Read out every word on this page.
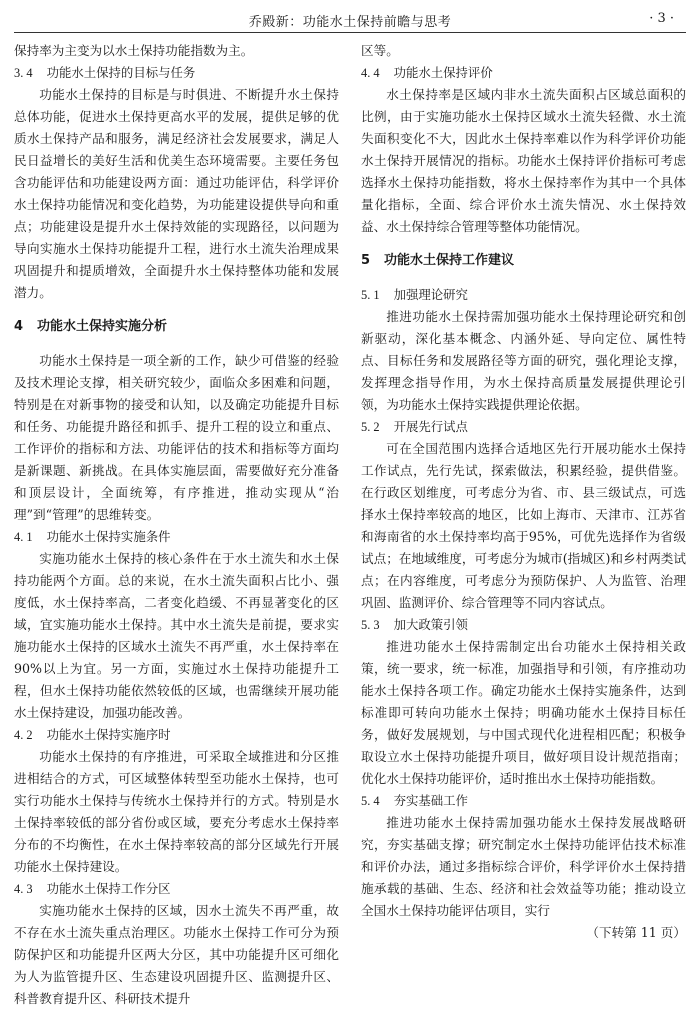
乔殿新：功能水土保持前瞻与思考	· 3 ·

保持率为主变为以水土保持功能指数为主。

3. 4 功能水土保持的目标与任务

功能水土保持的目标是与时俱进、不断提升水土保持总体功能，促进水土保持更高水平的发展，提供足够的优质水土保持产品和服务，满足经济社会发展要求，满足人民日益增长的美好生活和优美生态环境需要。主要任务包含功能评估和功能建设两方面：通过功能评估，科学评价水土保持功能情况和变化趋势，为功能建设提供导向和重点；功能建设是提升水土保持效能的实现路径，以问题为导向实施水土保持功能提升工程，进行水土流失治理成果巩固提升和提质增效，全面提升水土保持整体功能和发展潜力。

4 功能水土保持实施分析

功能水土保持是一项全新的工作，缺少可借鉴的经验及技术理论支撑，相关研究较少，面临众多困难和问题，特别是在对新事物的接受和认知，以及确定功能提升目标和任务、功能提升路径和抓手、提升工程的设立和重点、工作评价的指标和方法、功能评估的技术和指标等方面均是新课题、新挑战。在具体实施层面，需要做好充分准备和顶层设计，全面统筹，有序推进，推动实现从“治理”到“管理”的思维转变。

4. 1 功能水土保持实施条件

实施功能水土保持的核心条件在于水土流失和水土保持功能两个方面。总的来说，在水土流失面积占比小、强度低，水土保持率高，二者变化趋缓、不再显著变化的区域，宜实施功能水土保持。其中水土流失是前提，要求实施功能水土保持的区域水土流失不再严重，水土保持率在90%以上为宜。另一方面，实施过水土保持功能提升工程，但水土保持功能依然较低的区域，也需继续开展功能水土保持建设，加强功能改善。

4. 2 功能水土保持实施序时

功能水土保持的有序推进，可采取全域推进和分区推进相结合的方式，可区域整体转型至功能水土保持，也可实行功能水土保持与传统水土保持并行的方式。特别是水土保持率较低的部分省份或区域，要充分考虑水土保持率分布的不均衡性，在水土保持率较高的部分区域先行开展功能水土保持建设。

4. 3 功能水土保持工作分区

实施功能水土保持的区域，因水土流失不再严重，故不存在水土流失重点治理区。功能水土保持工作可分为预防保护区和功能提升区两大分区，其中功能提升区可细化为人为监管提升区、生态建设巩固提升区、监测提升区、科普教育提升区、科研技术提升

区等。

4. 4 功能水土保持评价

水土保持率是区域内非水土流失面积占区域总面积的比例，由于实施功能水土保持区域水土流失轻微、水土流失面积变化不大，因此水土保持率难以作为科学评价功能水土保持开展情况的指标。功能水土保持评价指标可考虑选择水土保持功能指数，将水土保持率作为其中一个具体量化指标，全面、综合评价水土流失情况、水土保持效益、水土保持综合管理等整体功能情况。

5 功能水土保持工作建议
5. 1 加强理论研究

推进功能水土保持需加强功能水土保持理论研究和创新驱动，深化基本概念、内涵外延、导向定位、属性特点、目标任务和发展路径等方面的研究，强化理论支撑，发挥理念指导作用，为水土保持高质量发展提供理论引领，为功能水土保持实践提供理论依据。

5. 2 开展先行试点

可在全国范围内选择合适地区先行开展功能水土保持工作试点，先行先试，探索做法，积累经验，提供借鉴。在行政区划维度，可考虑分为省、市、县三级试点，可选择水土保持率较高的地区，比如上海市、天津市、江苏省和海南省的水土保持率均高于95%，可优先选择作为省级试点；在地域维度，可考虑分为城市(指城区)和乡村两类试点；在内容维度，可考虑分为预防保护、人为监管、治理巩固、监测评价、综合管理等不同内容试点。

5. 3 加大政策引领

推进功能水土保持需制定出台功能水土保持相关政策，统一要求，统一标准，加强指导和引领，有序推动功能水土保持各项工作。确定功能水土保持实施条件，达到标准即可转向功能水土保持；明确功能水土保持目标任务，做好发展规划，与中国式现代化进程相匹配；积极争取设立水土保持功能提升项目，做好项目设计规范指南；优化水土保持功能评价，适时推出水土保持功能指数。

5. 4 夯实基础工作

推进功能水土保持需加强功能水土保持发展战略研究，夯实基础支撑；研究制定水土保持功能评估技术标准和评价办法，通过多指标综合评价，科学评价水土保持措施承载的基础、生态、经济和社会效益等功能；推动设立全国水土保持功能评估项目，实行

（下转第 11 页）
